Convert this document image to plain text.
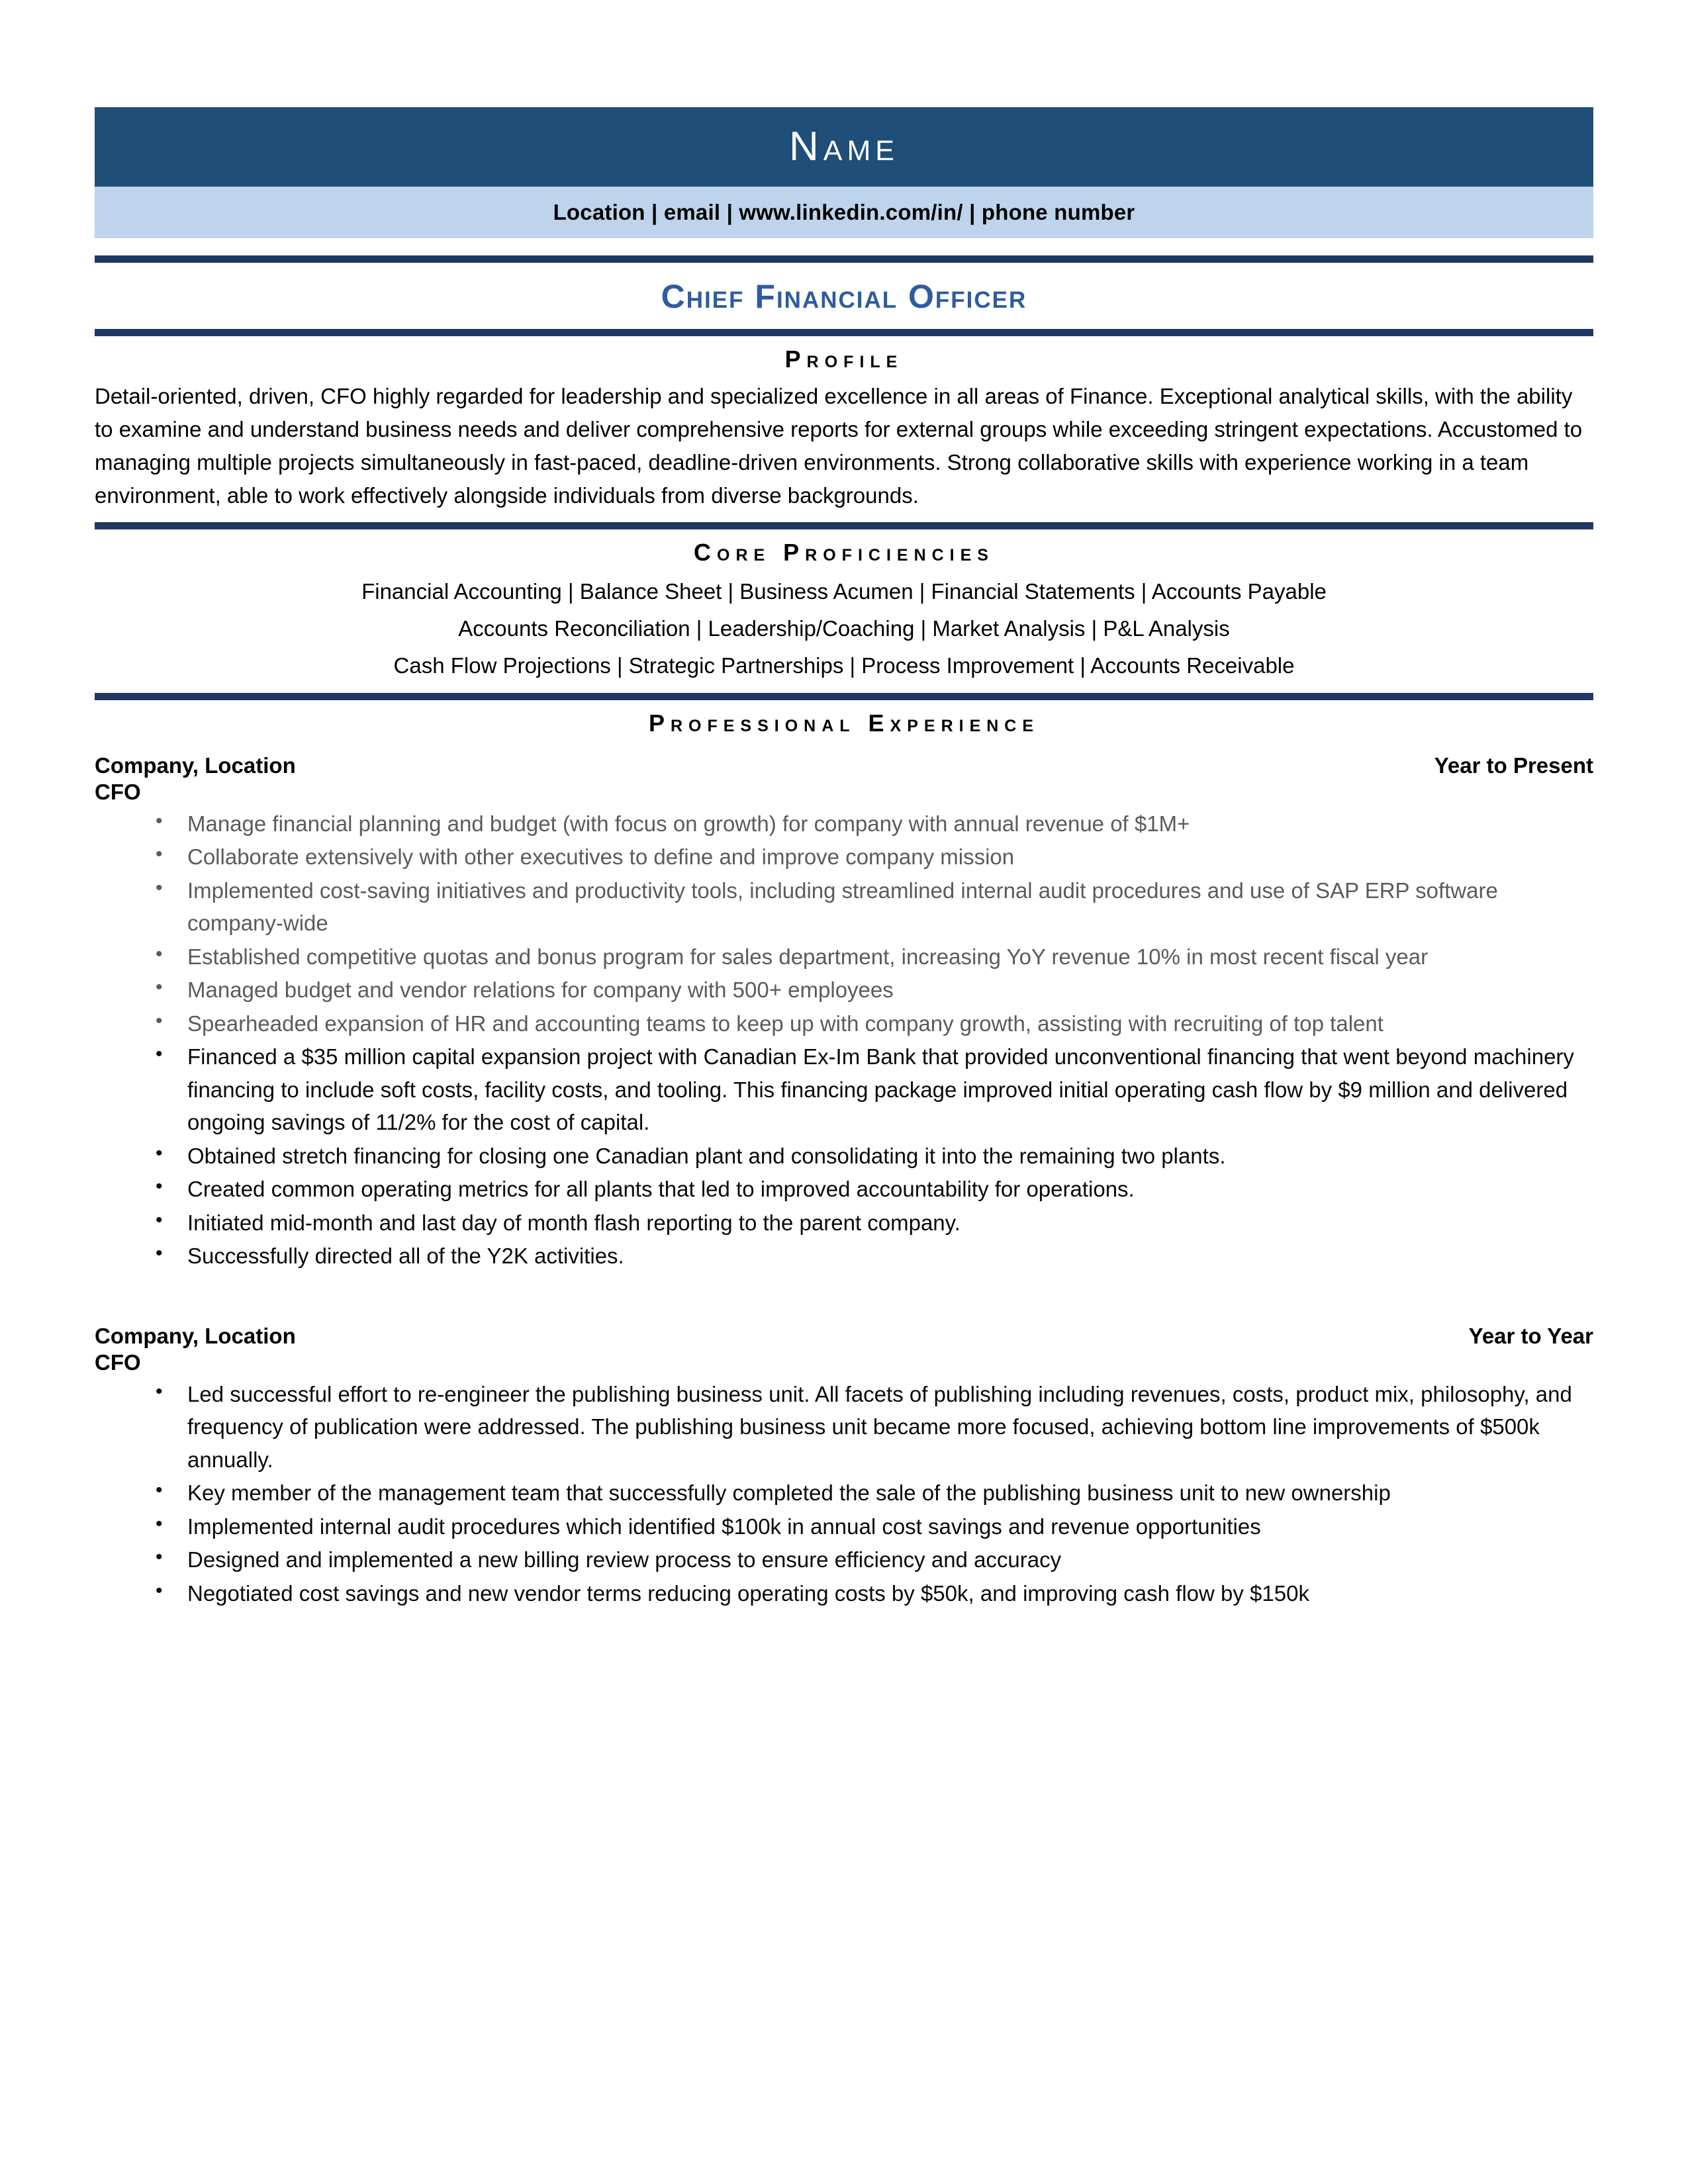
Name
Location | email | www.linkedin.com/in/ | phone number
Chief Financial Officer
Profile
Detail-oriented, driven, CFO highly regarded for leadership and specialized excellence in all areas of Finance. Exceptional analytical skills, with the ability to examine and understand business needs and deliver comprehensive reports for external groups while exceeding stringent expectations. Accustomed to managing multiple projects simultaneously in fast-paced, deadline-driven environments. Strong collaborative skills with experience working in a team environment, able to work effectively alongside individuals from diverse backgrounds.
Core Proficiencies
Financial Accounting | Balance Sheet | Business Acumen | Financial Statements | Accounts Payable
Accounts Reconciliation | Leadership/Coaching | Market Analysis | P&L Analysis
Cash Flow Projections | Strategic Partnerships | Process Improvement | Accounts Receivable
Professional Experience
Company, Location	Year to Present
CFO
• Manage financial planning and budget (with focus on growth) for company with annual revenue of $1M+
• Collaborate extensively with other executives to define and improve company mission
• Implemented cost-saving initiatives and productivity tools, including streamlined internal audit procedures and use of SAP ERP software company-wide
• Established competitive quotas and bonus program for sales department, increasing YoY revenue 10% in most recent fiscal year
• Managed budget and vendor relations for company with 500+ employees
• Spearheaded expansion of HR and accounting teams to keep up with company growth, assisting with recruiting of top talent
• Financed a $35 million capital expansion project with Canadian Ex-Im Bank that provided unconventional financing that went beyond machinery financing to include soft costs, facility costs, and tooling. This financing package improved initial operating cash flow by $9 million and delivered ongoing savings of 11/2% for the cost of capital.
• Obtained stretch financing for closing one Canadian plant and consolidating it into the remaining two plants.
• Created common operating metrics for all plants that led to improved accountability for operations.
• Initiated mid-month and last day of month flash reporting to the parent company.
• Successfully directed all of the Y2K activities.
Company, Location	Year to Year
CFO
• Led successful effort to re-engineer the publishing business unit. All facets of publishing including revenues, costs, product mix, philosophy, and frequency of publication were addressed. The publishing business unit became more focused, achieving bottom line improvements of $500k annually.
• Key member of the management team that successfully completed the sale of the publishing business unit to new ownership
• Implemented internal audit procedures which identified $100k in annual cost savings and revenue opportunities
• Designed and implemented a new billing review process to ensure efficiency and accuracy
• Negotiated cost savings and new vendor terms reducing operating costs by $50k, and improving cash flow by $150k
